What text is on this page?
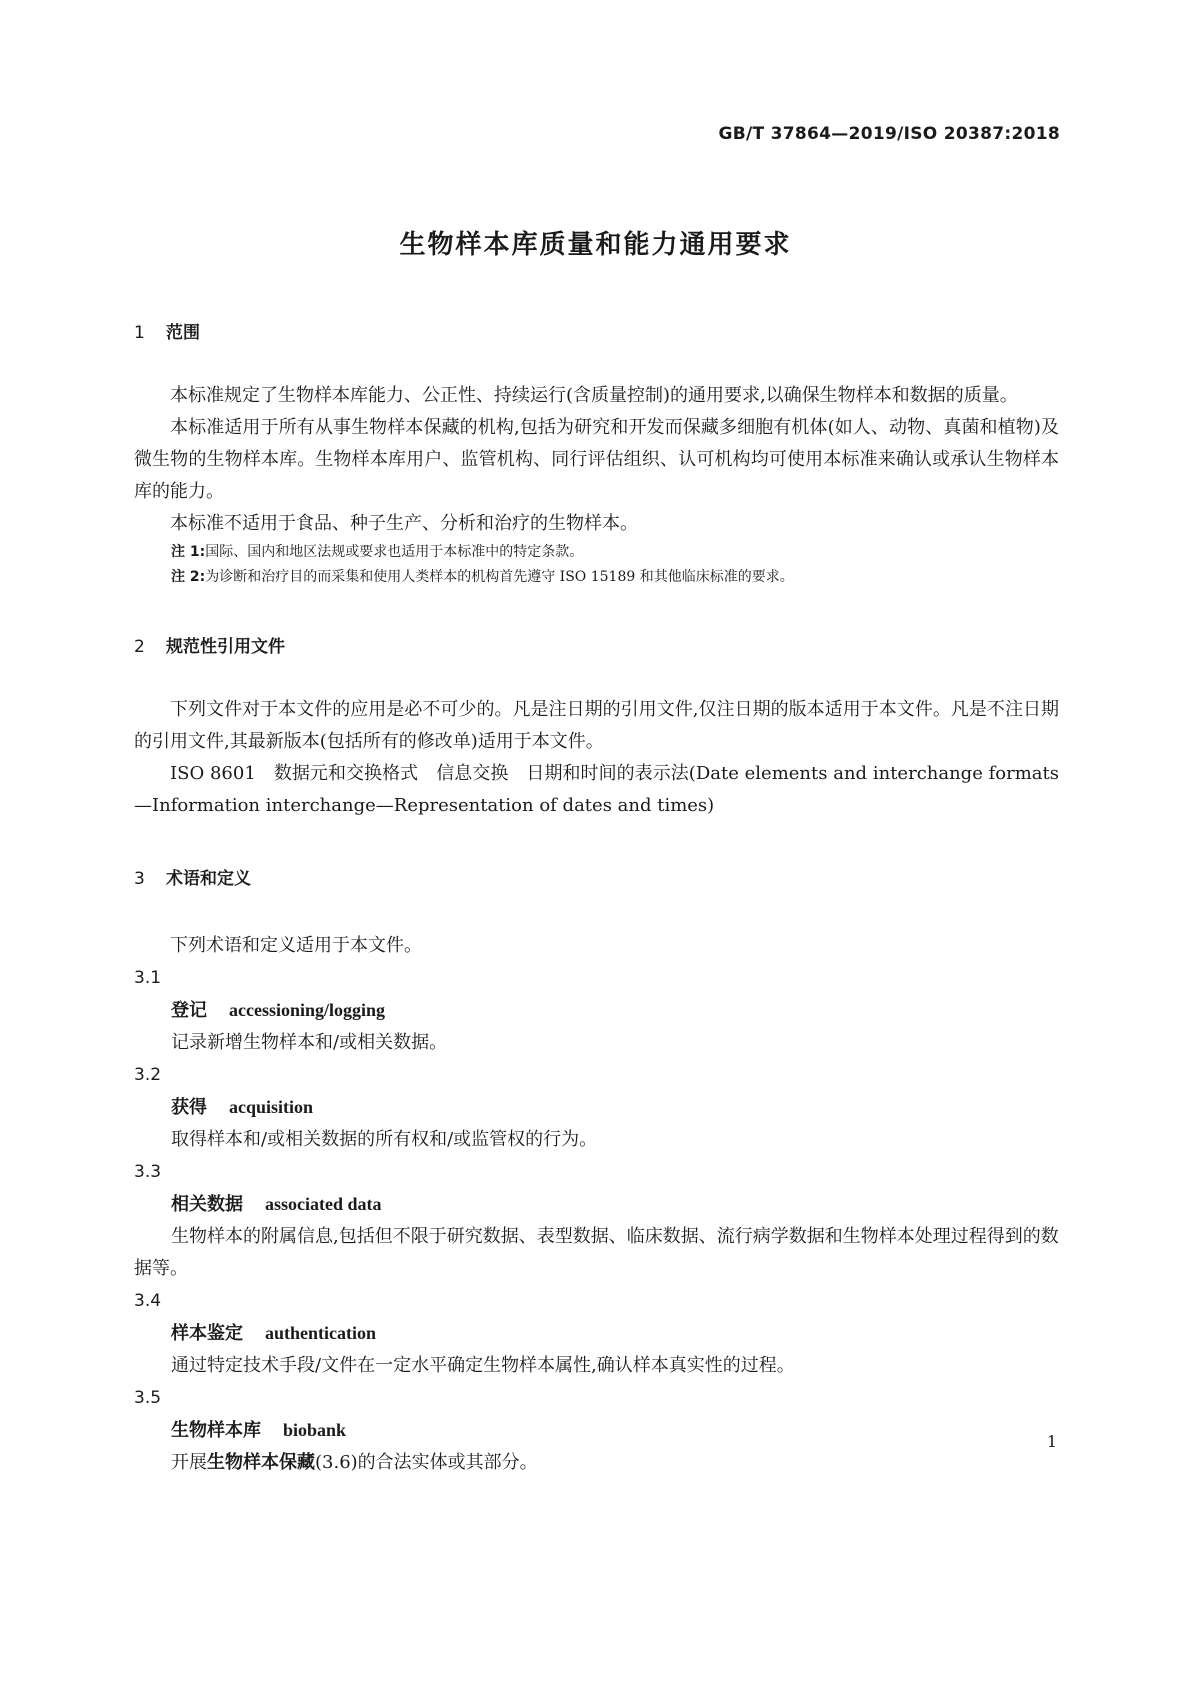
GB/T 37864—2019/ISO 20387:2018
生物样本库质量和能力通用要求
1 范围

本标准规定了生物样本库能力、公正性、持续运行(含质量控制)的通用要求,以确保生物样本和数据的质量。

本标准适用于所有从事生物样本保藏的机构,包括为研究和开发而保藏多细胞有机体(如人、动物、真菌和植物)及微生物的生物样本库。生物样本库用户、监管机构、同行评估组织、认可机构均可使用本标准来确认或承认生物样本库的能力。

本标准不适用于食品、种子生产、分析和治疗的生物样本。

注 1:国际、国内和地区法规或要求也适用于本标准中的特定条款。

注 2:为诊断和治疗目的而采集和使用人类样本的机构首先遵守 ISO 15189 和其他临床标准的要求。

2 规范性引用文件

下列文件对于本文件的应用是必不可少的。凡是注日期的引用文件,仅注日期的版本适用于本文件。凡是不注日期的引用文件,其最新版本(包括所有的修改单)适用于本文件。

ISO 8601　数据元和交换格式　信息交换　日期和时间的表示法(Date elements and interchange formats—Information interchange—Representation of dates and times)

3 术语和定义

下列术语和定义适用于本文件。

3.1
登记 accessioning/logging

记录新增生物样本和/或相关数据。

3.2
获得 acquisition

取得样本和/或相关数据的所有权和/或监管权的行为。

3.3
相关数据 associated data

生物样本的附属信息,包括但不限于研究数据、表型数据、临床数据、流行病学数据和生物样本处理过程得到的数据等。

3.4
样本鉴定 authentication

通过特定技术手段/文件在一定水平确定生物样本属性,确认样本真实性的过程。

3.5
生物样本库 biobank

开展生物样本保藏(3.6)的合法实体或其部分。

1
